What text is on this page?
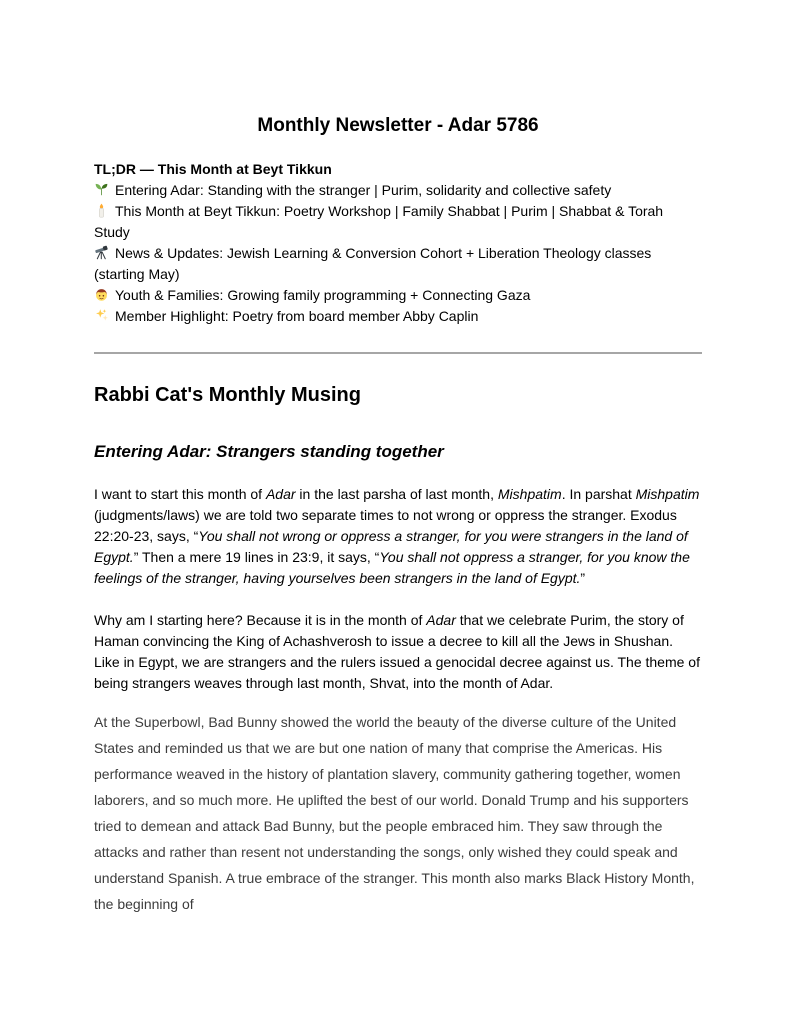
Monthly Newsletter - Adar 5786

TL;DR — This Month at Beyt Tikkun

Entering Adar: Standing with the stranger | Purim, solidarity and collective safety

This Month at Beyt Tikkun: Poetry Workshop | Family Shabbat | Purim | Shabbat & Torah Study

News & Updates: Jewish Learning & Conversion Cohort + Liberation Theology classes (starting May)

Youth & Families: Growing family programming + Connecting Gaza

Member Highlight: Poetry from board member Abby Caplin

Rabbi Cat's Monthly Musing
Entering Adar: Strangers standing together

I want to start this month of Adar in the last parsha of last month, Mishpatim. In parshat Mishpatim (judgments/laws) we are told two separate times to not wrong or oppress the stranger. Exodus 22:20-23, says, “You shall not wrong or oppress a stranger, for you were strangers in the land of Egypt.” Then a mere 19 lines in 23:9, it says, “You shall not oppress a stranger, for you know the feelings of the stranger, having yourselves been strangers in the land of Egypt.”

Why am I starting here? Because it is in the month of Adar that we celebrate Purim, the story of Haman convincing the King of Achashverosh to issue a decree to kill all the Jews in Shushan. Like in Egypt, we are strangers and the rulers issued a genocidal decree against us. The theme of being strangers weaves through last month, Shvat, into the month of Adar.

At the Superbowl, Bad Bunny showed the world the beauty of the diverse culture of the United States and reminded us that we are but one nation of many that comprise the Americas. His performance weaved in the history of plantation slavery, community gathering together, women laborers, and so much more. He uplifted the best of our world. Donald Trump and his supporters tried to demean and attack Bad Bunny, but the people embraced him. They saw through the attacks and rather than resent not understanding the songs, only wished they could speak and understand Spanish. A true embrace of the stranger. This month also marks Black History Month, the beginning of
